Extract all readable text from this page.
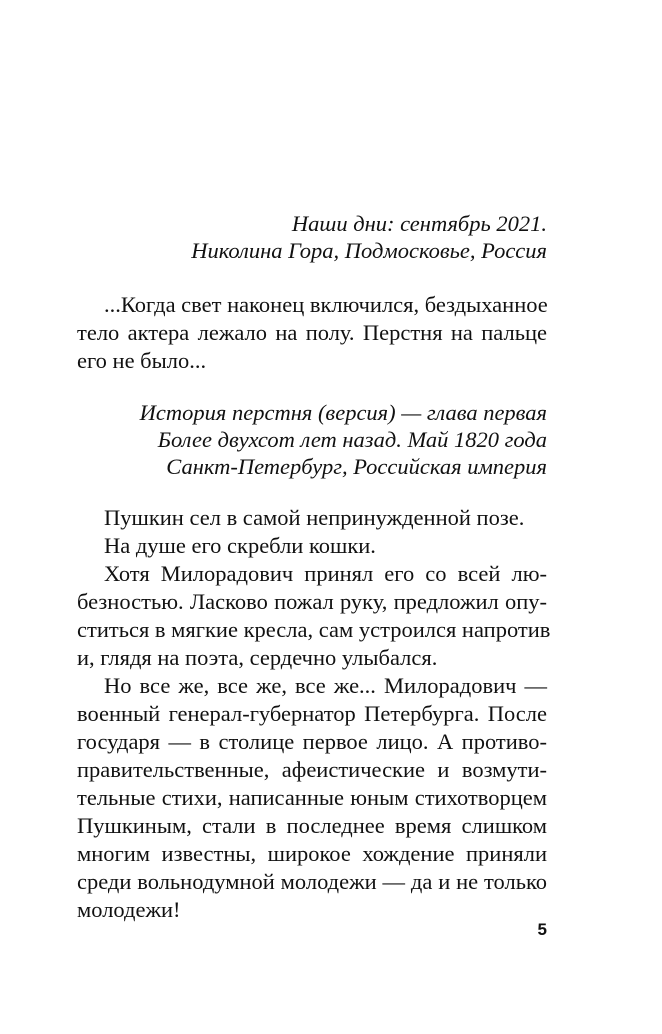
Наши дни: сентябрь 2021.
Николина Гора, Подмосковье, Россия
...Когда свет наконец включился, бездыханное
тело актера лежало на полу. Перстня на пальце
его не было...
История перстня (версия) — глава первая
Более двухсот лет назад. Май 1820 года
Санкт-Петербург, Российская империя
Пушкин сел в самой непринужденной позе.
На душе его скребли кошки.
Хотя Милорадович принял его со всей лю-
безностью. Ласково пожал руку, предложил опу-
ститься в мягкие кресла, сам устроился напротив
и, глядя на поэта, сердечно улыбался.
Но все же, все же, все же... Милорадович —
военный генерал-губернатор Петербурга. После
государя — в столице первое лицо. А противо-
правительственные, афеистические и возмути-
тельные стихи, написанные юным стихотворцем
Пушкиным, стали в последнее время слишком
многим известны, широкое хождение приняли
среди вольнодумной молодежи — да и не только
молодежи!
5
